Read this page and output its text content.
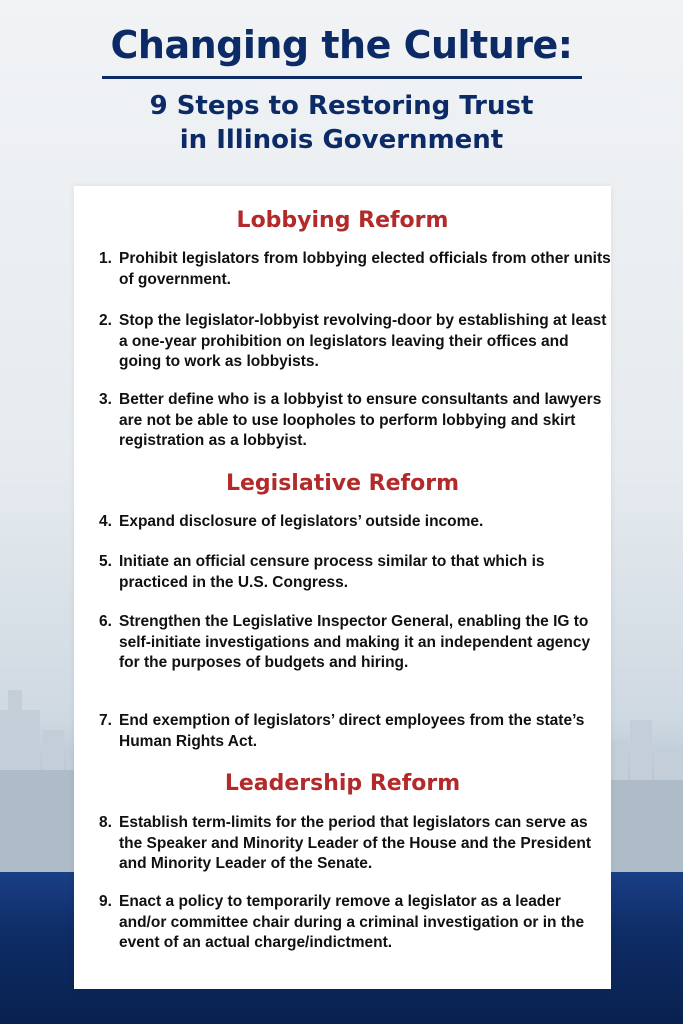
Changing the Culture:

9 Steps to Restoring Trust

in Illinois Government

Lobbying Reform
1. Prohibit legislators from lobbying elected officials from other units of government.
2. Stop the legislator-lobbyist revolving-door by establishing at least a one-year prohibition on legislators leaving their offices and going to work as lobbyists.
3. Better define who is a lobbyist to ensure consultants and lawyers are not be able to use loopholes to perform lobbying and skirt registration as a lobbyist.
Legislative Reform
4. Expand disclosure of legislators’ outside income.
5. Initiate an official censure process similar to that which is practiced in the U.S. Congress.
6. Strengthen the Legislative Inspector General, enabling the IG to self-initiate investigations and making it an independent agency for the purposes of budgets and hiring.
7. End exemption of legislators’ direct employees from the state’s Human Rights Act.
Leadership Reform
8. Establish term-limits for the period that legislators can serve as the Speaker and Minority Leader of the House and the President and Minority Leader of the Senate.
9. Enact a policy to temporarily remove a legislator as a leader and/or committee chair during a criminal investigation or in the event of an actual charge/indictment.
